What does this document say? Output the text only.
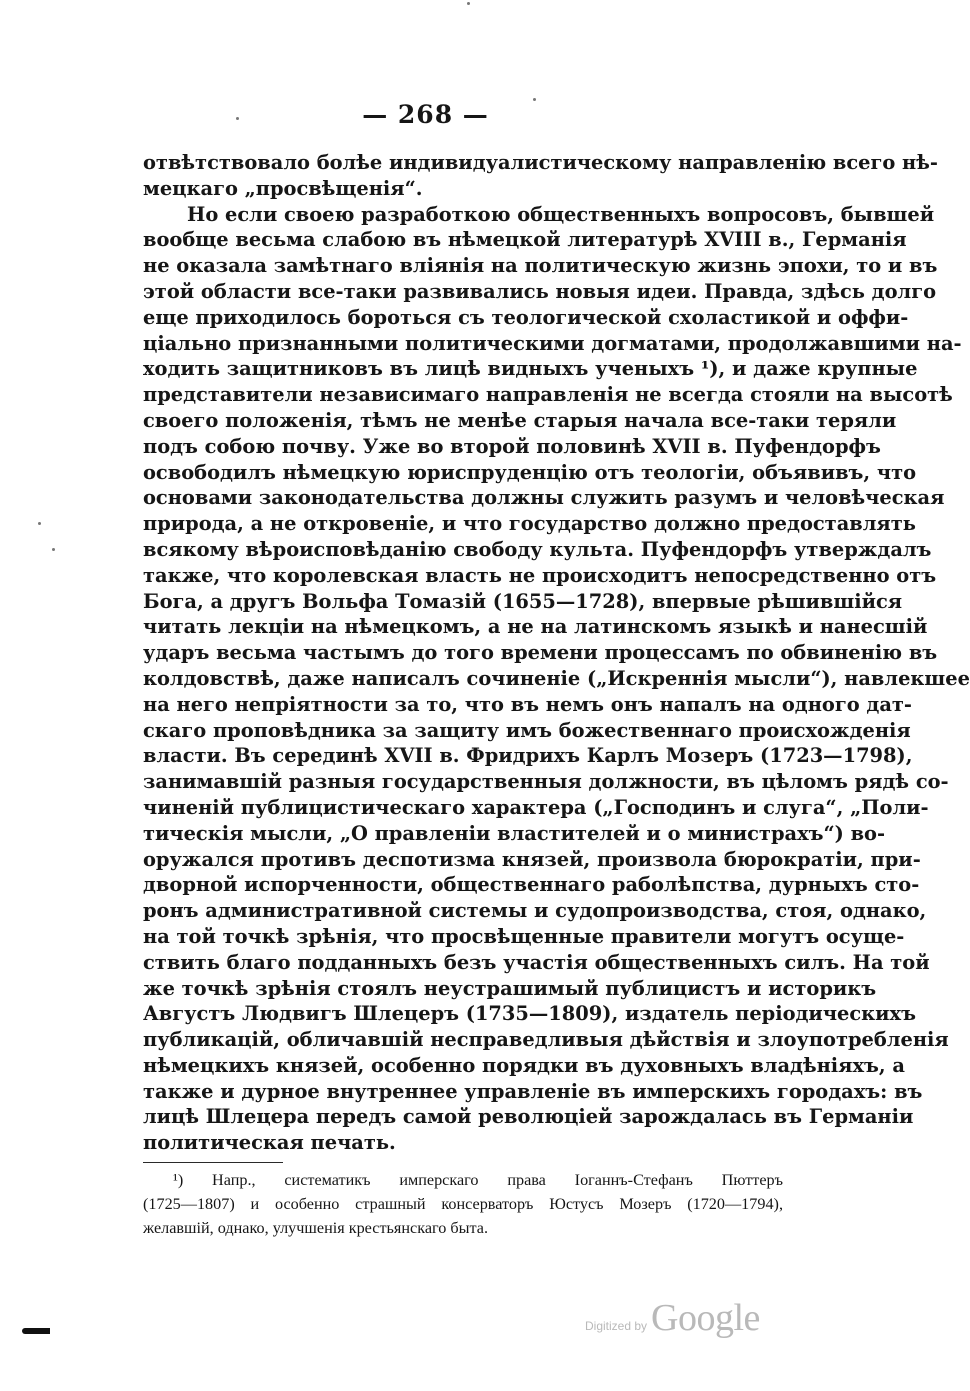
— 268 —
отвѣтствовало болѣе индивидуалистическому направленію всего нѣ-
мецкаго „просвѣщенія“.
Но если своею разработкою общественныхъ вопросовъ, бывшей
вообще весьма слабою въ нѣмецкой литературѣ XVIII в., Германія
не оказала замѣтнаго вліянія на политическую жизнь эпохи, то и въ
этой области все-таки развивались новыя идеи. Правда, здѣсь долго
еще приходилось бороться съ теологической схоластикой и оффи-
ціально признанными политическими догматами, продолжавшими на-
ходить защитниковъ въ лицѣ видныхъ ученыхъ ¹), и даже крупные
представители независимаго направленія не всегда стояли на высотѣ
своего положенія, тѣмъ не менѣе старыя начала все-таки теряли
подъ собою почву. Уже во второй половинѣ XVII в. Пуфендорфъ
освободилъ нѣмецкую юриспруденцію отъ теологіи, объявивъ, что
основами законодательства должны служить разумъ и человѣческая
природа, а не откровеніе, и что государство должно предоставлять
всякому вѣроисповѣданію свободу культа. Пуфендорфъ утверждалъ
также, что королевская власть не происходитъ непосредственно отъ
Бога, а другъ Вольфа Томазій (1655—1728), впервые рѣшившійся
читать лекціи на нѣмецкомъ, а не на латинскомъ языкѣ и нанесшій
ударъ весьма частымъ до того времени процессамъ по обвиненію въ
колдовствѣ, даже написалъ сочиненіе („Искреннія мысли“), навлекшее
на него непріятности за то, что въ немъ онъ напалъ на одного дат-
скаго проповѣдника за защиту имъ божественнаго происхожденія
власти. Въ серединѣ XVII в. Фридрихъ Карлъ Мозеръ (1723—1798),
занимавшій разныя государственныя должности, въ цѣломъ рядѣ со-
чиненій публицистическаго характера („Господинъ и слуга“, „Поли-
тическія мысли, „О правленіи властителей и о министрахъ“) во-
оружался противъ деспотизма князей, произвола бюрократіи, при-
дворной испорченности, общественнаго раболѣпства, дурныхъ сто-
ронъ административной системы и судопроизводства, стоя, однако,
на той точкѣ зрѣнія, что просвѣщенные правители могутъ осуще-
ствить благо подданныхъ безъ участія общественныхъ силъ. На той
же точкѣ зрѣнія стоялъ неустрашимый публицистъ и историкъ
Августъ Людвигъ Шлецеръ (1735—1809), издатель періодическихъ
публикацій, обличавшій несправедливыя дѣйствія и злоупотребленія
нѣмецкихъ князей, особенно порядки въ духовныхъ владѣніяхъ, а
также и дурное внутреннее управленіе въ имперскихъ городахъ: въ
лицѣ Шлецера передъ самой революціей зарождалась въ Германіи
политическая печать.
¹) Напр., систематикъ имперскаго права Іоганнъ-Стефанъ Пюттеръ
(1725—1807) и особенно страшный консерваторъ Юстусъ Мозеръ (1720—1794),
желавшій, однако, улучшенія крестьянскаго быта.
Digitized by Google
